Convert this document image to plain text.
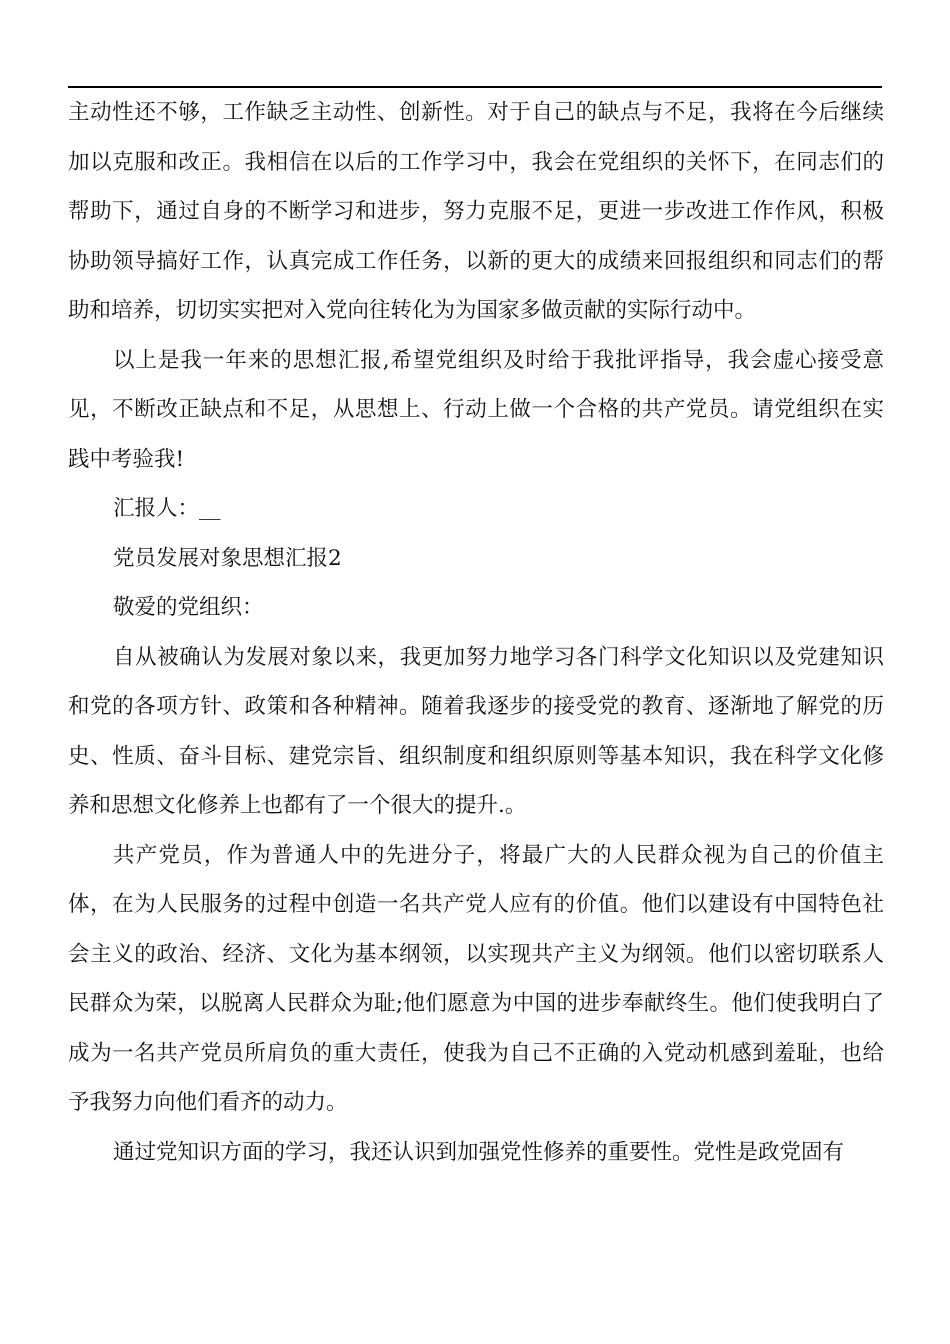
主动性还不够，工作缺乏主动性、创新性。对于自己的缺点与不足，我将在今后继续加以克服和改正。我相信在以后的工作学习中，我会在党组织的关怀下，在同志们的帮助下，通过自身的不断学习和进步，努力克服不足，更进一步改进工作作风，积极协助领导搞好工作，认真完成工作任务，以新的更大的成绩来回报组织和同志们的帮助和培养，切切实实把对入党向往转化为为国家多做贡献的实际行动中。

以上是我一年来的思想汇报,希望党组织及时给于我批评指导，我会虚心接受意见，不断改正缺点和不足，从思想上、行动上做一个合格的共产党员。请党组织在实践中考验我!

汇报人：__

党员发展对象思想汇报2

敬爱的党组织：

自从被确认为发展对象以来，我更加努力地学习各门科学文化知识以及党建知识和党的各项方针、政策和各种精神。随着我逐步的接受党的教育、逐渐地了解党的历史、性质、奋斗目标、建党宗旨、组织制度和组织原则等基本知识，我在科学文化修养和思想文化修养上也都有了一个很大的提升.。

共产党员，作为普通人中的先进分子，将最广大的人民群众视为自己的价值主体，在为人民服务的过程中创造一名共产党人应有的价值。他们以建设有中国特色社会主义的政治、经济、文化为基本纲领，以实现共产主义为纲领。他们以密切联系人民群众为荣，以脱离人民群众为耻;他们愿意为中国的进步奉献终生。他们使我明白了成为一名共产党员所肩负的重大责任，使我为自己不正确的入党动机感到羞耻，也给予我努力向他们看齐的动力。

通过党知识方面的学习，我还认识到加强党性修养的重要性。党性是政党固有
